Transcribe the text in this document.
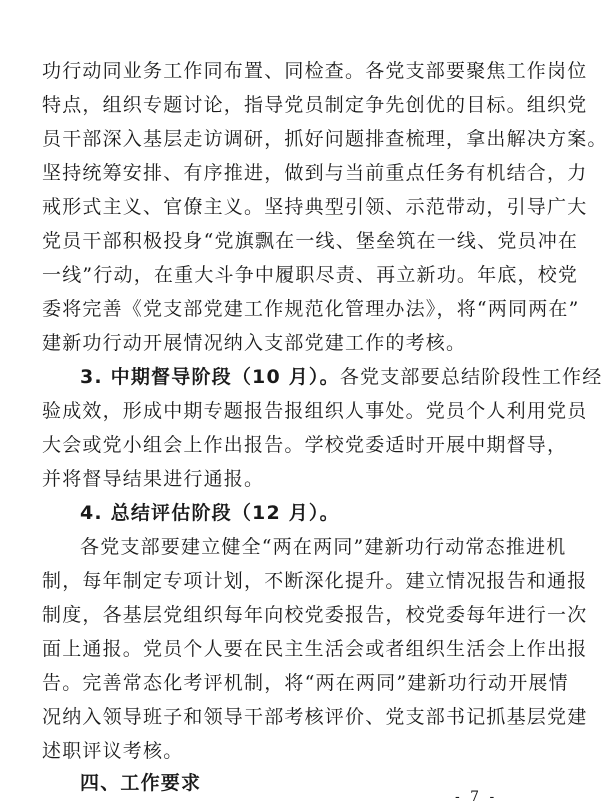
功行动同业务工作同布置、同检查。各党支部要聚焦工作岗位
特点，组织专题讨论，指导党员制定争先创优的目标。组织党
员干部深入基层走访调研，抓好问题排查梳理，拿出解决方案。
坚持统筹安排、有序推进，做到与当前重点任务有机结合，力
戒形式主义、官僚主义。坚持典型引领、示范带动，引导广大
党员干部积极投身“党旗飘在一线、堡垒筑在一线、党员冲在
一线”行动，在重大斗争中履职尽责、再立新功。年底，校党
委将完善《党支部党建工作规范化管理办法》，将“两同两在”
建新功行动开展情况纳入支部党建工作的考核。
3. 中期督导阶段（10 月）。各党支部要总结阶段性工作经
验成效，形成中期专题报告报组织人事处。党员个人利用党员
大会或党小组会上作出报告。学校党委适时开展中期督导，
并将督导结果进行通报。
4. 总结评估阶段（12 月）。
各党支部要建立健全“两在两同”建新功行动常态推进机
制，每年制定专项计划，不断深化提升。建立情况报告和通报
制度，各基层党组织每年向校党委报告，校党委每年进行一次
面上通报。党员个人要在民主生活会或者组织生活会上作出报
告。完善常态化考评机制，将“两在两同”建新功行动开展情
况纳入领导班子和领导干部考核评价、党支部书记抓基层党建
述职评议考核。
四、工作要求
- 7 -
